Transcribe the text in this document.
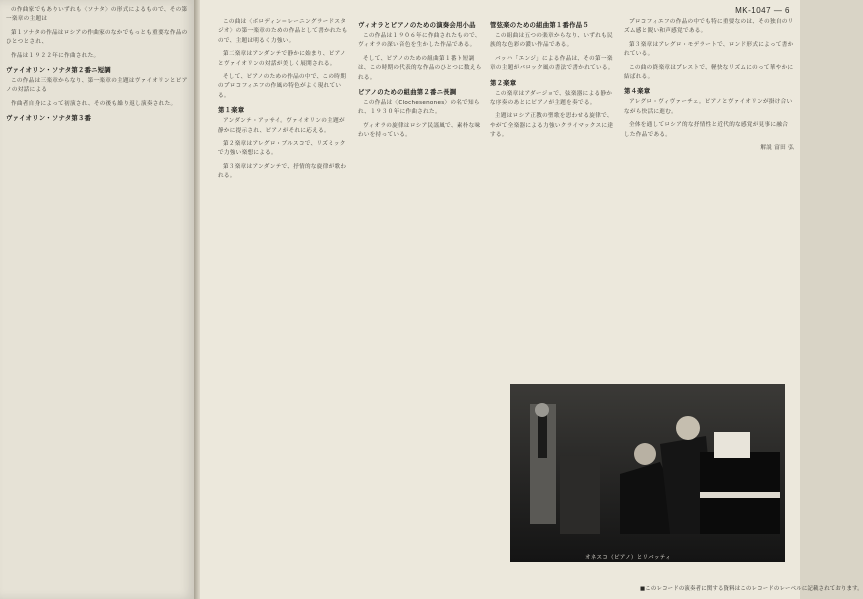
の作曲家でもありいずれも〈ソナタ〉の形式によるもので、その第一楽章の主題は

第１ソナタの作品はロシアの作曲家のなかでもっとも重要な作品のひとつとされ、

作品は１９２２年に作曲された。

ヴァイオリン・ソナタ第２番ニ短調

この作品は三楽章からなり、第一楽章の主題はヴァイオリンとピアノの対話による

作曲者自身によって初演され、その後も繰り返し演奏された。

ヴァイオリン・ソナタ第３番
MK-1047 — 6

この曲は〈ボロディン＝レーニングラードスタジオ〉の第一楽章のための作品として書かれたもので、主題は明るく力強い。

第二楽章はアンダンテで静かに始まり、ピアノとヴァイオリンの対話が美しく展開される。

そして、ピアノのための作品の中で、この時期のプロコフィエフの作風の特色がよく現れている。

第１楽章

アンダンテ・アッサイ。ヴァイオリンの主題が静かに提示され、ピアノがそれに応える。

第２楽章はアレグロ・ブルスコで、リズミックで力強い楽想による。

第３楽章はアンダンテで、抒情的な旋律が歌われる。

ヴィオラとピアノのための演奏会用小品

この作品は１９０６年に作曲されたもので、ヴィオラの深い音色を生かした作品である。

そして、ピアノのための組曲第１番ト短調は、この時期の代表的な作品のひとつに数えられる。

ピアノのための組曲第２番ニ長調

この作品は〈Clochesenones〉の名で知られ、１９３０年に作曲された。

ヴィオラの旋律はロシア民謡風で、素朴な味わいを持っている。

管弦楽のための組曲第１番作品５

この組曲は五つの楽章からなり、いずれも民族的な色彩の濃い作品である。

バッハ「エンジ」による作品は、その第一楽章の主題がバロック風の書法で書かれている。

第２楽章

この楽章はアダージョで、弦楽器による静かな序奏のあとにピアノが主題を奏でる。

主題はロシア正教の聖歌を思わせる旋律で、やがて全楽器による力強いクライマックスに達する。

プロコフィエフの作品の中でも特に重要なのは、その独自のリズム感と鋭い和声感覚である。

第３楽章はアレグロ・モデラートで、ロンド形式によって書かれている。

この曲の終楽章はプレストで、軽快なリズムにのって華やかに結ばれる。

第４楽章

アレグロ・ヴィヴァーチェ。ピアノとヴァイオリンが掛け合いながら快活に進む。

全体を通してロシア的な抒情性と近代的な感覚が見事に融合した作品である。

解説 富田 弘
オネスコ（ピアノ）とリバッティ
■このレコードの演奏者に関する資料はこのレコードのレーベルに記載されております。
